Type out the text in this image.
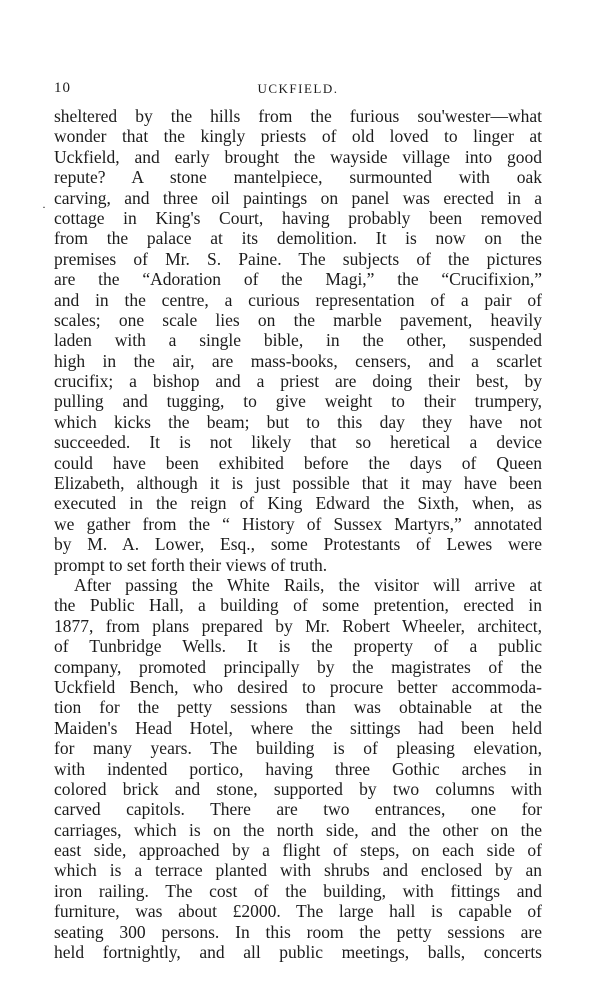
10	UCKFIELD.
sheltered by the hills from the furious sou'wester—what
wonder that the kingly priests of old loved to linger at
Uckfield, and early brought the wayside village into good
repute? A stone mantelpiece, surmounted with oak
carving, and three oil paintings on panel was erected in a
cottage in King's Court, having probably been removed
from the palace at its demolition. It is now on the
premises of Mr. S. Paine. The subjects of the pictures
are the “Adoration of the Magi,” the “Crucifixion,”
and in the centre, a curious representation of a pair of
scales; one scale lies on the marble pavement, heavily
laden with a single bible, in the other, suspended
high in the air, are mass-books, censers, and a scarlet
crucifix; a bishop and a priest are doing their best, by
pulling and tugging, to give weight to their trumpery,
which kicks the beam; but to this day they have not
succeeded. It is not likely that so heretical a device
could have been exhibited before the days of Queen
Elizabeth, although it is just possible that it may have been
executed in the reign of King Edward the Sixth, when, as
we gather from the “ History of Sussex Martyrs,” annotated
by M. A. Lower, Esq., some Protestants of Lewes were
prompt to set forth their views of truth.
After passing the White Rails, the visitor will arrive at
the Public Hall, a building of some pretention, erected in
1877, from plans prepared by Mr. Robert Wheeler, architect,
of Tunbridge Wells. It is the property of a public
company, promoted principally by the magistrates of the
Uckfield Bench, who desired to procure better accommoda-
tion for the petty sessions than was obtainable at the
Maiden's Head Hotel, where the sittings had been held
for many years. The building is of pleasing elevation,
with indented portico, having three Gothic arches in
colored brick and stone, supported by two columns with
carved capitols. There are two entrances, one for
carriages, which is on the north side, and the other on the
east side, approached by a flight of steps, on each side of
which is a terrace planted with shrubs and enclosed by an
iron railing. The cost of the building, with fittings and
furniture, was about £2000. The large hall is capable of
seating 300 persons. In this room the petty sessions are
held fortnightly, and all public meetings, balls, concerts
·
